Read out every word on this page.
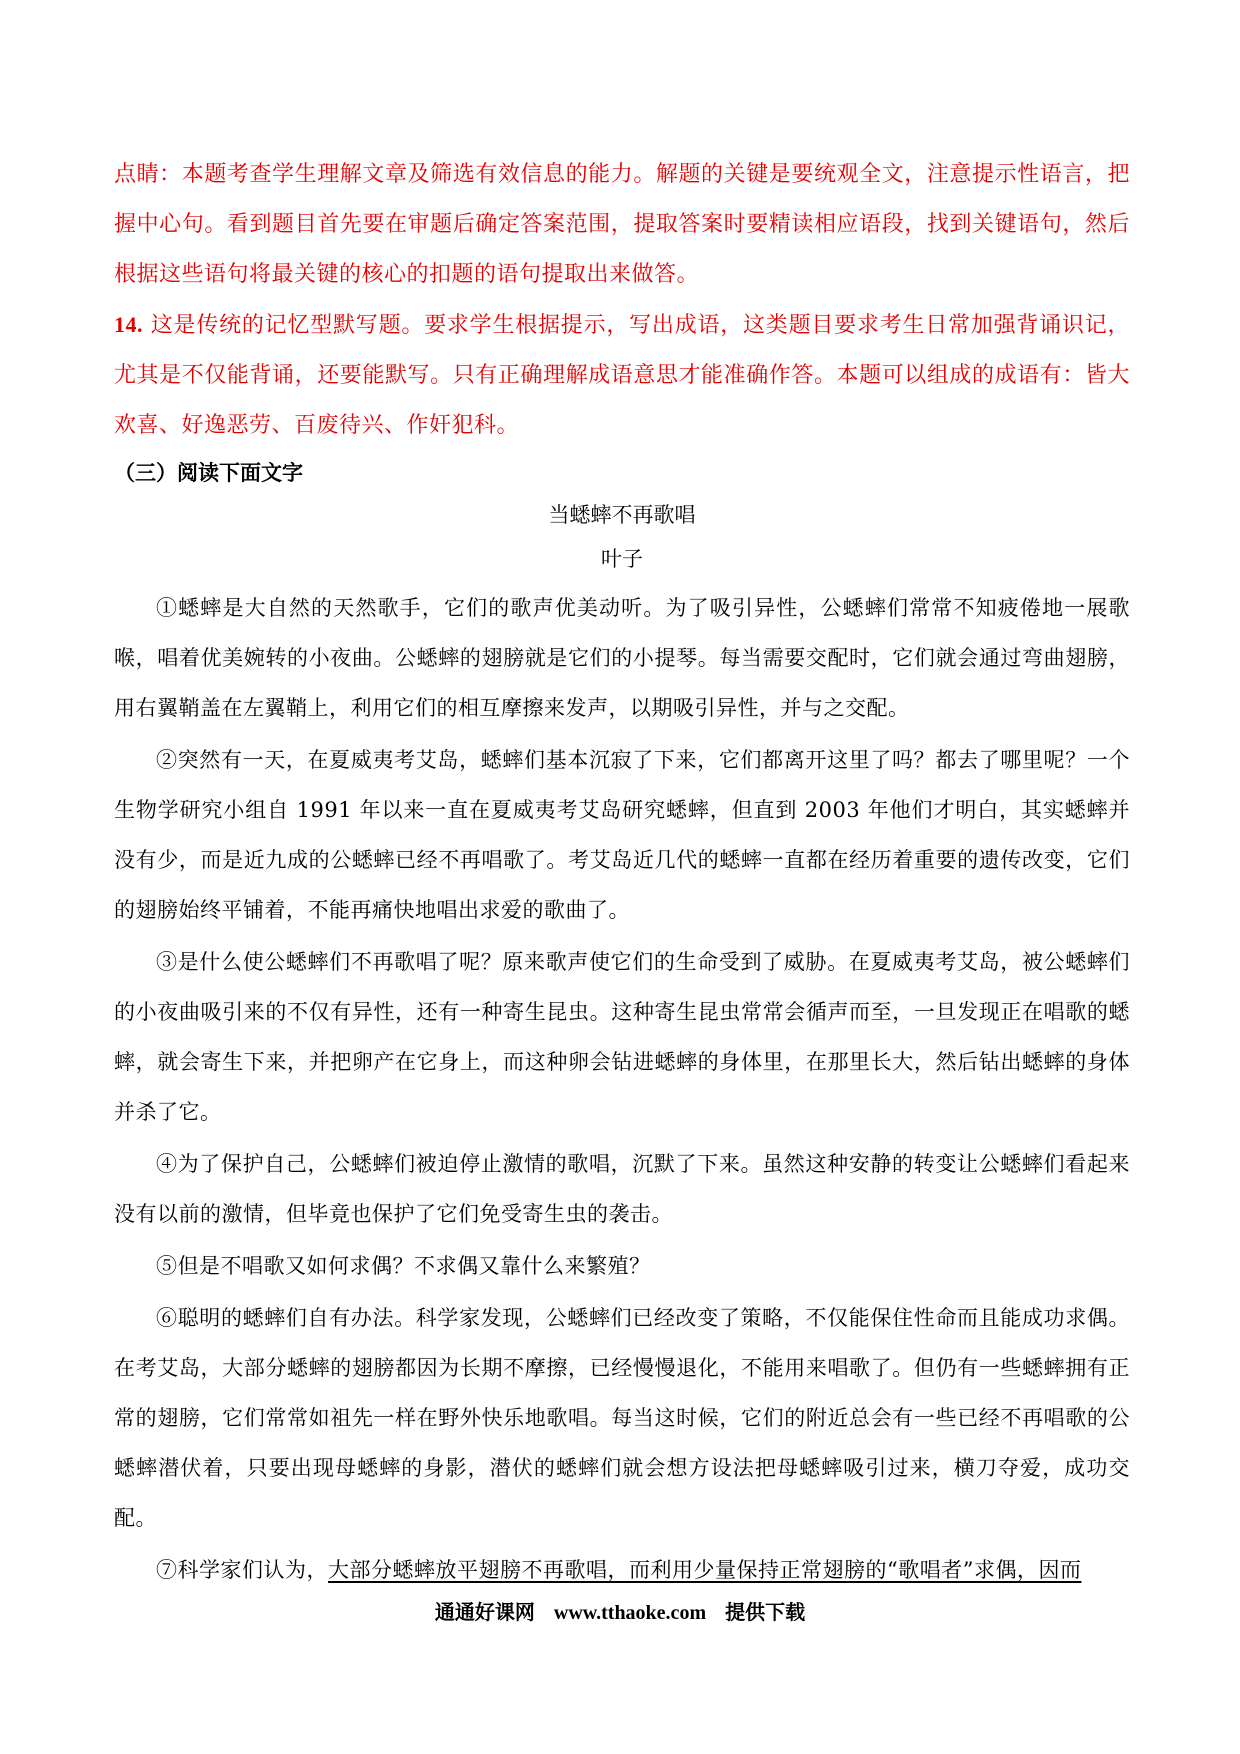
点睛：本题考查学生理解文章及筛选有效信息的能力。解题的关键是要统观全文，注意提示性语言，把握中心句。看到题目首先要在审题后确定答案范围，提取答案时要精读相应语段，找到关键语句，然后根据这些语句将最关键的核心的扣题的语句提取出来做答。

14. 这是传统的记忆型默写题。要求学生根据提示，写出成语，这类题目要求考生日常加强背诵识记，尤其是不仅能背诵，还要能默写。只有正确理解成语意思才能准确作答。本题可以组成的成语有：皆大欢喜、好逸恶劳、百废待兴、作奸犯科。

（三）阅读下面文字
当蟋蟀不再歌唱
叶子

①蟋蟀是大自然的天然歌手，它们的歌声优美动听。为了吸引异性，公蟋蟀们常常不知疲倦地一展歌喉，唱着优美婉转的小夜曲。公蟋蟀的翅膀就是它们的小提琴。每当需要交配时，它们就会通过弯曲翅膀，用右翼鞘盖在左翼鞘上，利用它们的相互摩擦来发声，以期吸引异性，并与之交配。

②突然有一天，在夏威夷考艾岛，蟋蟀们基本沉寂了下来，它们都离开这里了吗？都去了哪里呢？一个生物学研究小组自 1991 年以来一直在夏威夷考艾岛研究蟋蟀，但直到 2003 年他们才明白，其实蟋蟀并没有少，而是近九成的公蟋蟀已经不再唱歌了。考艾岛近几代的蟋蟀一直都在经历着重要的遗传改变，它们的翅膀始终平铺着，不能再痛快地唱出求爱的歌曲了。

③是什么使公蟋蟀们不再歌唱了呢？原来歌声使它们的生命受到了威胁。在夏威夷考艾岛，被公蟋蟀们的小夜曲吸引来的不仅有异性，还有一种寄生昆虫。这种寄生昆虫常常会循声而至，一旦发现正在唱歌的蟋蟀，就会寄生下来，并把卵产在它身上，而这种卵会钻进蟋蟀的身体里，在那里长大，然后钻出蟋蟀的身体并杀了它。

④为了保护自己，公蟋蟀们被迫停止激情的歌唱，沉默了下来。虽然这种安静的转变让公蟋蟀们看起来没有以前的激情，但毕竟也保护了它们免受寄生虫的袭击。

⑤但是不唱歌又如何求偶？不求偶又靠什么来繁殖？

⑥聪明的蟋蟀们自有办法。科学家发现，公蟋蟀们已经改变了策略，不仅能保住性命而且能成功求偶。在考艾岛，大部分蟋蟀的翅膀都因为长期不摩擦，已经慢慢退化，不能用来唱歌了。但仍有一些蟋蟀拥有正常的翅膀，它们常常如祖先一样在野外快乐地歌唱。每当这时候，它们的附近总会有一些已经不再唱歌的公蟋蟀潜伏着，只要出现母蟋蟀的身影，潜伏的蟋蟀们就会想方设法把母蟋蟀吸引过来，横刀夺爱，成功交配。

⑦科学家们认为，大部分蟋蟀放平翅膀不再歌唱，而利用少量保持正常翅膀的“歌唱者”求偶，因而

通通好课网 www.tthaoke.com 提供下载
